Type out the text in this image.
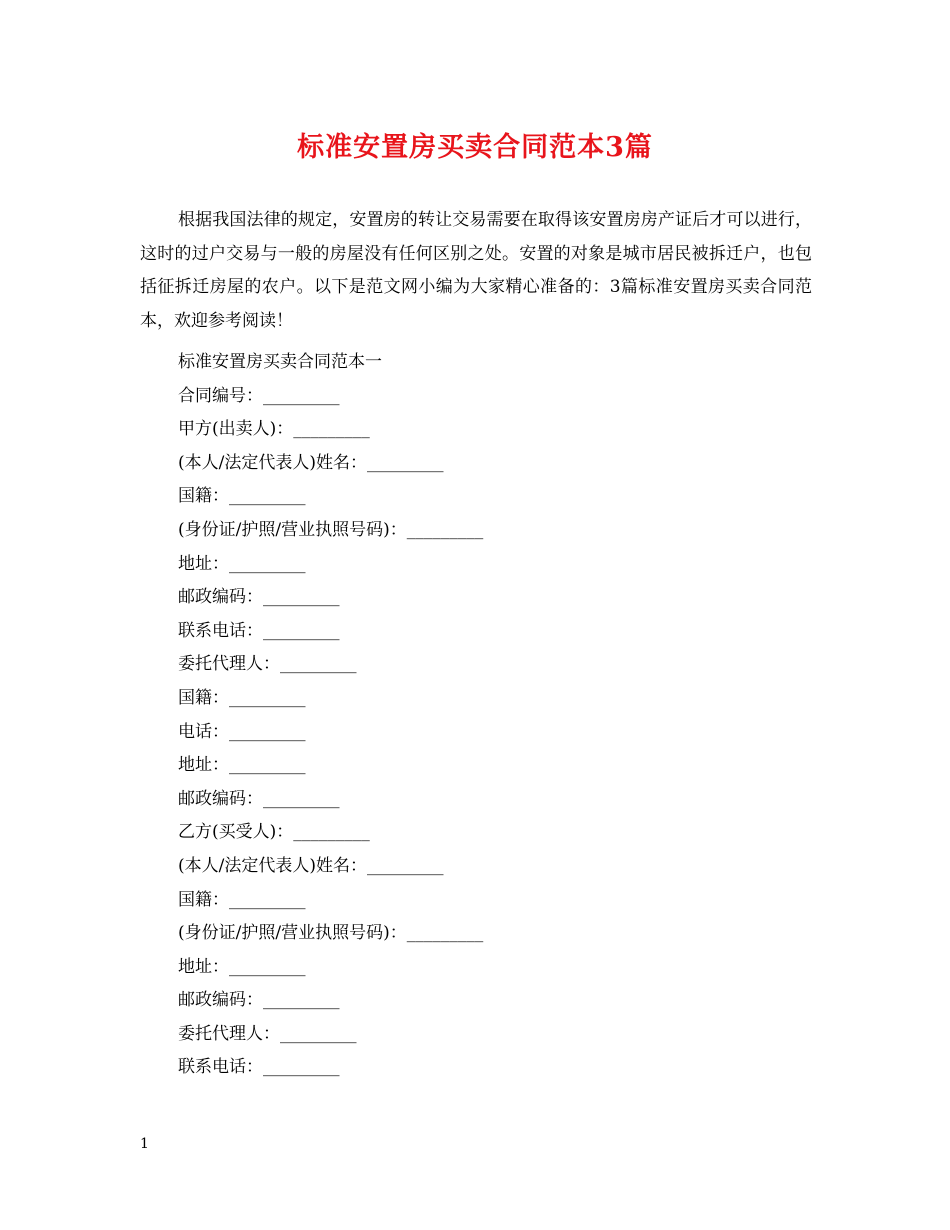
标准安置房买卖合同范本3篇

根据我国法律的规定，安置房的转让交易需要在取得该安置房房产证后才可以进行，这时的过户交易与一般的房屋没有任何区别之处。安置的对象是城市居民被拆迁户，也包括征拆迁房屋的农户。以下是范文网小编为大家精心准备的：3篇标准安置房买卖合同范本，欢迎参考阅读！

标准安置房买卖合同范本一
合同编号：_________
甲方(出卖人)：_________
(本人/法定代表人)姓名：_________
国籍：_________
(身份证/护照/营业执照号码)：_________
地址：_________
邮政编码：_________
联系电话：_________
委托代理人：_________
国籍：_________
电话：_________
地址：_________
邮政编码：_________
乙方(买受人)：_________
(本人/法定代表人)姓名：_________
国籍：_________
(身份证/护照/营业执照号码)：_________
地址：_________
邮政编码：_________
委托代理人：_________
联系电话：_________
1
